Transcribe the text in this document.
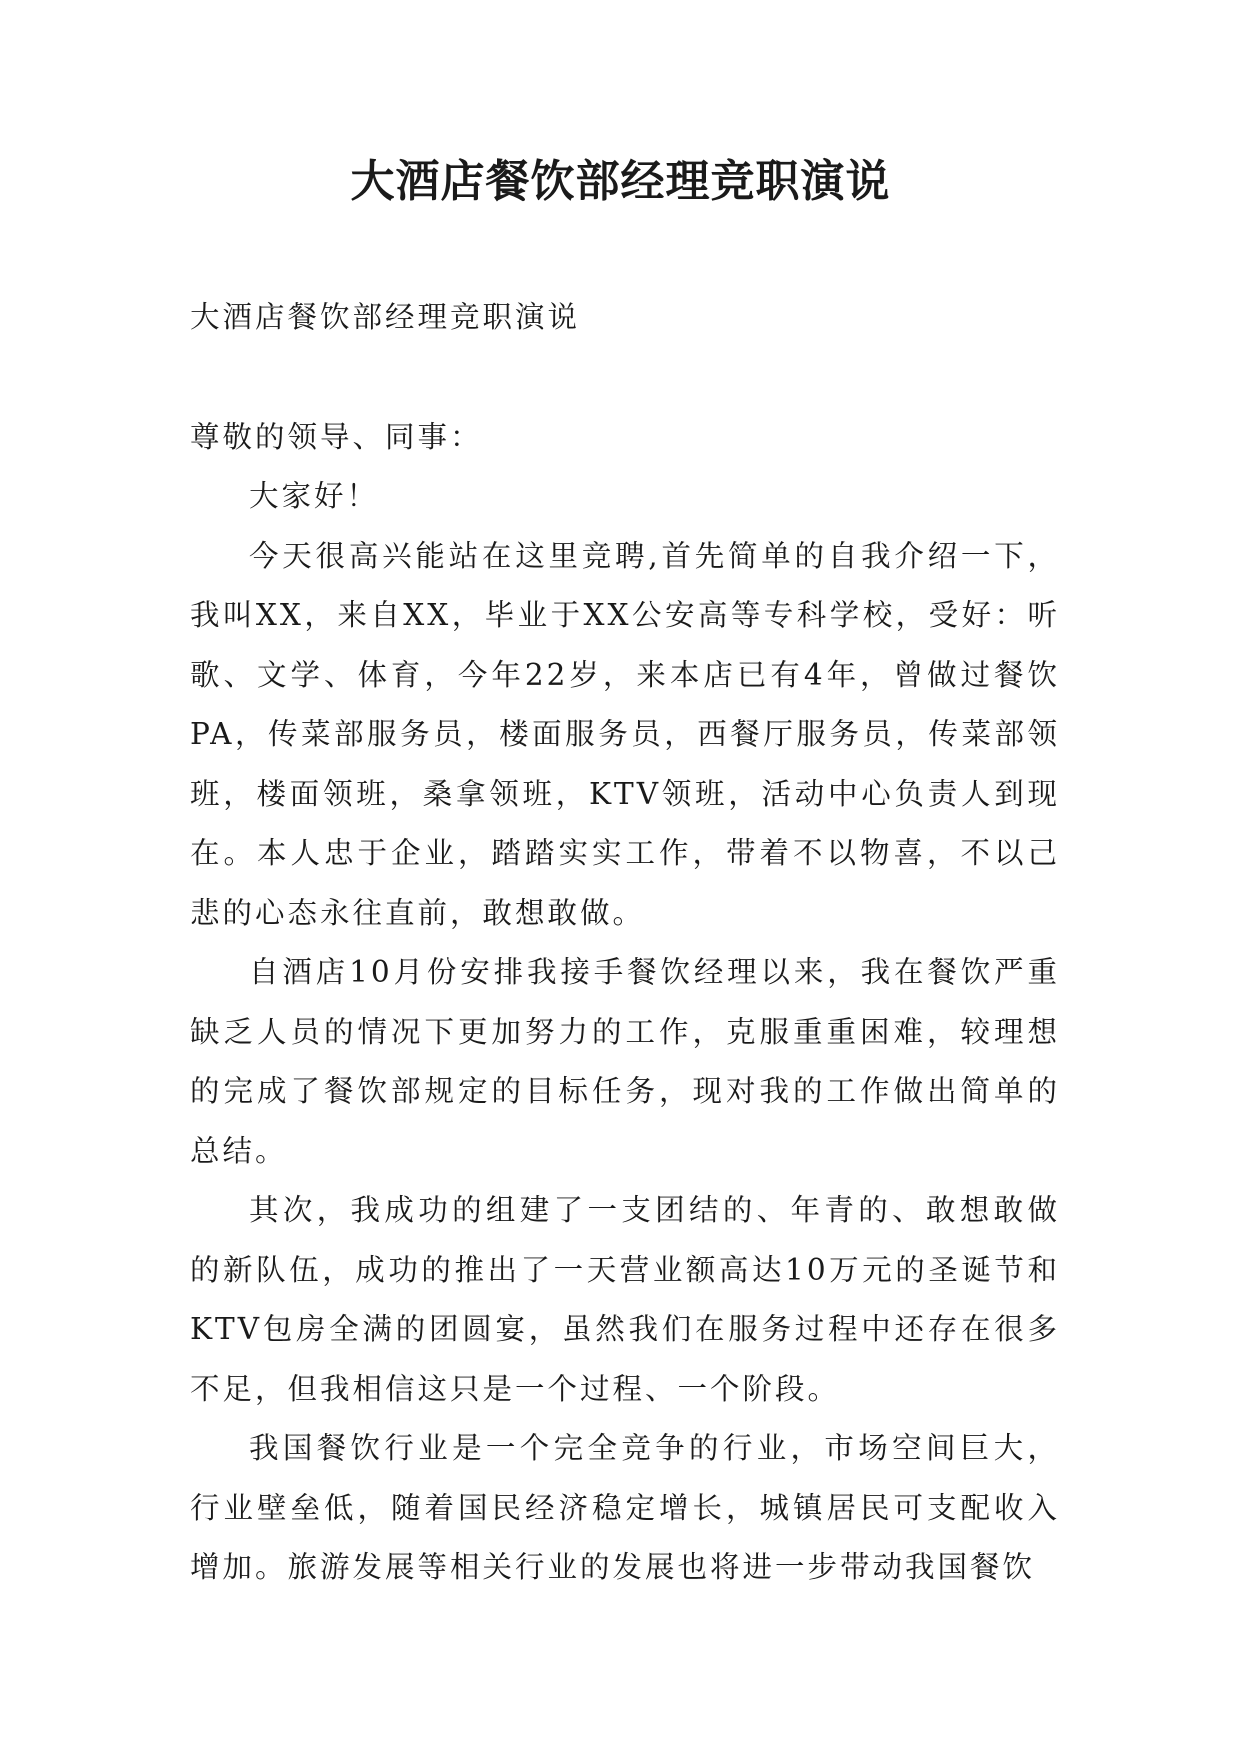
大酒店餐饮部经理竞职演说

大酒店餐饮部经理竞职演说

尊敬的领导、同事：

大家好！

今天很高兴能站在这里竞聘,首先简单的自我介绍一下，我叫XX，来自XX，毕业于XX公安高等专科学校，受好：听歌、文学、体育，今年22岁，来本店已有4年，曾做过餐饮PA，传菜部服务员，楼面服务员，西餐厅服务员，传菜部领班，楼面领班，桑拿领班，KTV领班，活动中心负责人到现在。本人忠于企业，踏踏实实工作，带着不以物喜，不以己悲的心态永往直前，敢想敢做。

自酒店10月份安排我接手餐饮经理以来，我在餐饮严重缺乏人员的情况下更加努力的工作，克服重重困难，较理想的完成了餐饮部规定的目标任务，现对我的工作做出简单的总结。

其次，我成功的组建了一支团结的、年青的、敢想敢做的新队伍，成功的推出了一天营业额高达10万元的圣诞节和KTV包房全满的团圆宴，虽然我们在服务过程中还存在很多不足，但我相信这只是一个过程、一个阶段。

我国餐饮行业是一个完全竞争的行业，市场空间巨大，行业壁垒低，随着国民经济稳定增长，城镇居民可支配收入增加。旅游发展等相关行业的发展也将进一步带动我国餐饮
